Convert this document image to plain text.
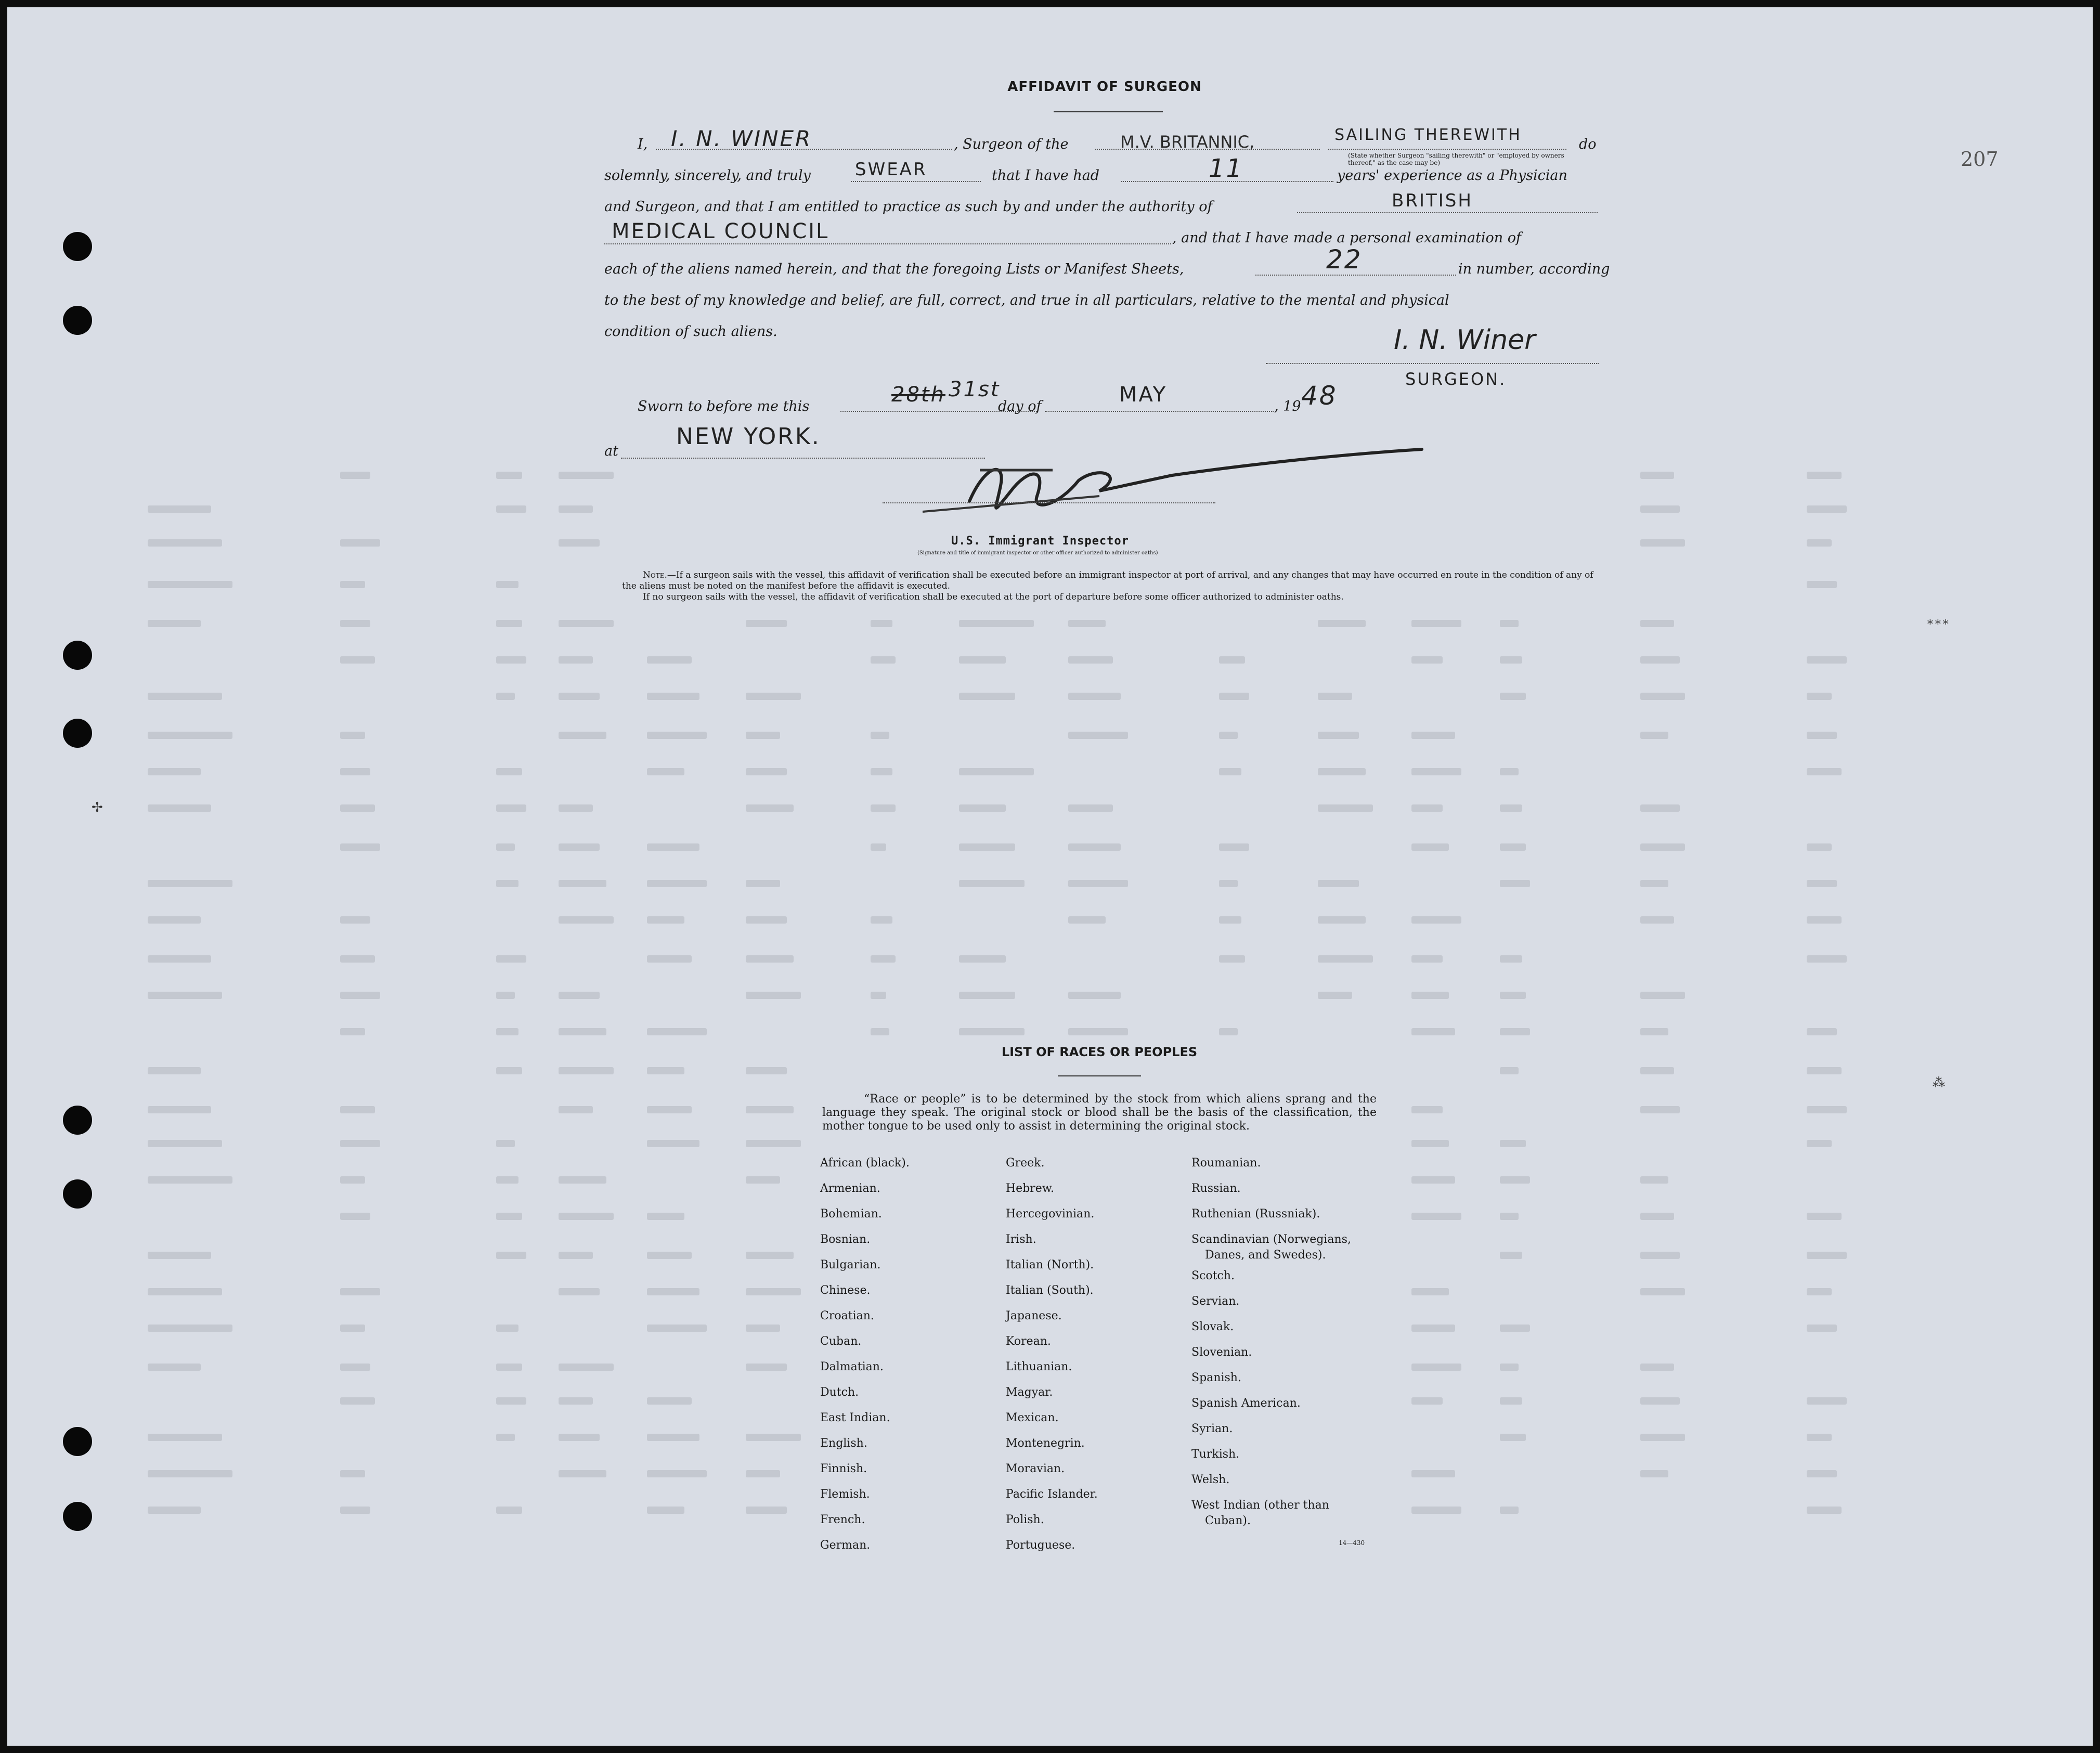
207
AFFIDAVIT OF SURGEON
I, I. N. WINER	, Surgeon of the	M.V. BRITANNIC,	SAILING THEREWITH
(State whether Surgeon "sailing therewith" or "employed by owners thereof," as the case may be)
do
solemnly, sincerely, and truly	SWEAR	that I have had	11	years' experience as a Physician
and Surgeon, and that I am entitled to practice as such by and under the authority of	BRITISH
MEDICAL COUNCIL	, and that I have made a personal examination of
each of the aliens named herein, and that the foregoing Lists or Manifest Sheets,	22	in number, according
to the best of my knowledge and belief, are full, correct, and true in all particulars, relative to the mental and physical
condition of such aliens.	I. N. Winer
SURGEON.
Sworn to before me this	28th 31st
day of	MAY	, 19 48
at
NEW YORK.
U.S. Immigrant Inspector
(Signature and title of immigrant inspector or other officer authorized to administer oaths)
Note.—If a surgeon sails with the vessel, this affidavit of verification shall be executed before an immigrant inspector at port of arrival, and any changes that may have occurred en route in the condition of any of the aliens must be noted on the manifest before the affidavit is executed.
If no surgeon sails with the vessel, the affidavit of verification shall be executed at the port of departure before some officer authorized to administer oaths.
LIST OF RACES OR PEOPLES
“Race or people” is to be determined by the stock from which aliens sprang and the language they speak. The original stock or blood shall be the basis of the classification, the mother tongue to be used only to assist in determining the original stock.
African (black).
Armenian.
Bohemian.
Bosnian.
Bulgarian.
Chinese.
Croatian.
Cuban.
Dalmatian.
Dutch.
East Indian.
English.
Finnish.
Flemish.
French.
German.
Greek.
Hebrew.
Hercegovinian.
Irish.
Italian (North).
Italian (South).
Japanese.
Korean.
Lithuanian.
Magyar.
Mexican.
Montenegrin.
Moravian.
Pacific Islander.
Polish.
Portuguese.
Roumanian.
Russian.
Ruthenian (Russniak).
Scandinavian (Norwegians,
Danes, and Swedes).
Scotch.
Servian.
Slovak.
Slovenian.
Spanish.
Spanish American.
Syrian.
Turkish.
Welsh.
West Indian (other than
Cuban).
14—430
✢
∗∗∗
⁂
